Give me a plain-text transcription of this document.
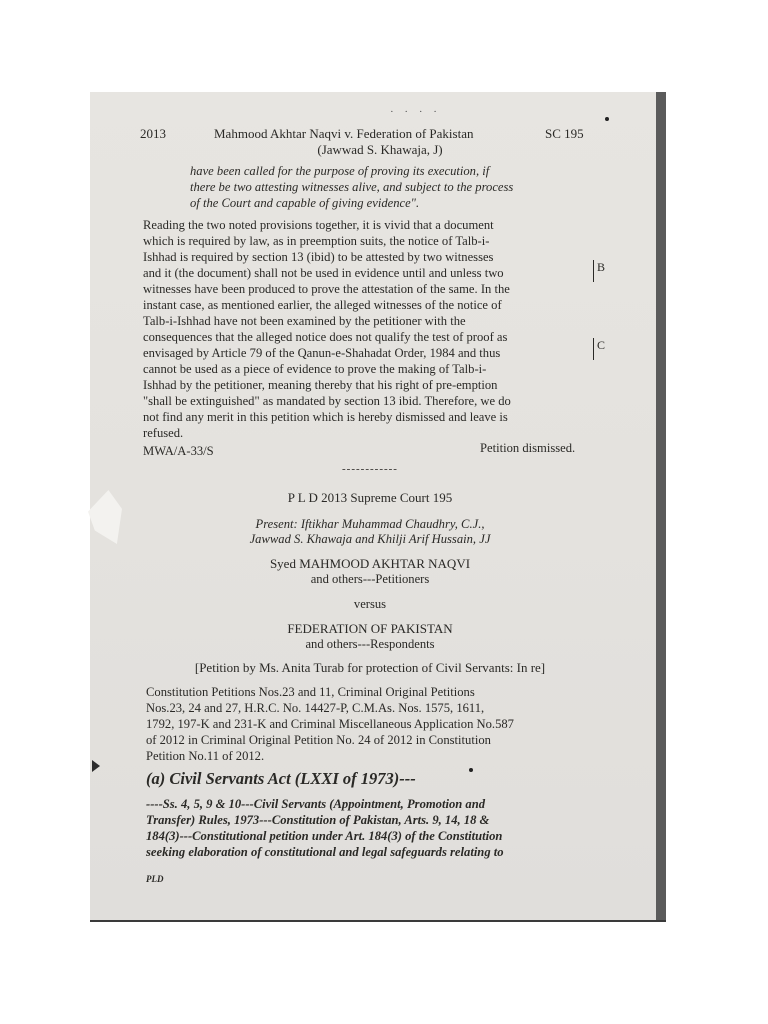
· · · ·
2013	Mahmood Akhtar Naqvi v. Federation of Pakistan	SC 195
(Jawwad S. Khawaja, J)
have been called for the purpose of proving its execution, if
there be two attesting witnesses alive, and subject to the process
of the Court and capable of giving evidence".
Reading the two noted provisions together, it is vivid that a document
which is required by law, as in preemption suits, the notice of Talb-i-
Ishhad is required by section 13 (ibid) to be attested by two witnesses
and it (the document) shall not be used in evidence until and unless two
witnesses have been produced to prove the attestation of the same. In the
instant case, as mentioned earlier, the alleged witnesses of the notice of
Talb-i-Ishhad have not been examined by the petitioner with the
consequences that the alleged notice does not qualify the test of proof as
envisaged by Article 79 of the Qanun-e-Shahadat Order, 1984 and thus
cannot be used as a piece of evidence to prove the making of Talb-i-
Ishhad by the petitioner, meaning thereby that his right of pre-emption
"shall be extinguished" as mandated by section 13 ibid. Therefore, we do
not find any merit in this petition which is hereby dismissed and leave is
refused.
B
C
MWA/A-33/S	Petition dismissed.
------------
P L D 2013 Supreme Court 195
Present: Iftikhar Muhammad Chaudhry, C.J.,
Jawwad S. Khawaja and Khilji Arif Hussain, JJ
Syed MAHMOOD AKHTAR NAQVI
and others---Petitioners
versus
FEDERATION OF PAKISTAN
and others---Respondents
[Petition by Ms. Anita Turab for protection of Civil Servants: In re]
Constitution Petitions Nos.23 and 11, Criminal Original Petitions
Nos.23, 24 and 27, H.R.C. No. 14427-P, C.M.As. Nos. 1575, 1611,
1792, 197-K and 231-K and Criminal Miscellaneous Application No.587
of 2012 in Criminal Original Petition No. 24 of 2012 in Constitution
Petition No.11 of 2012.
(a) Civil Servants Act (LXXI of 1973)---
----Ss. 4, 5, 9 & 10---Civil Servants (Appointment, Promotion and
Transfer) Rules, 1973---Constitution of Pakistan, Arts. 9, 14, 18 &
184(3)---Constitutional petition under Art. 184(3) of the Constitution
seeking elaboration of constitutional and legal safeguards relating to
PLD
